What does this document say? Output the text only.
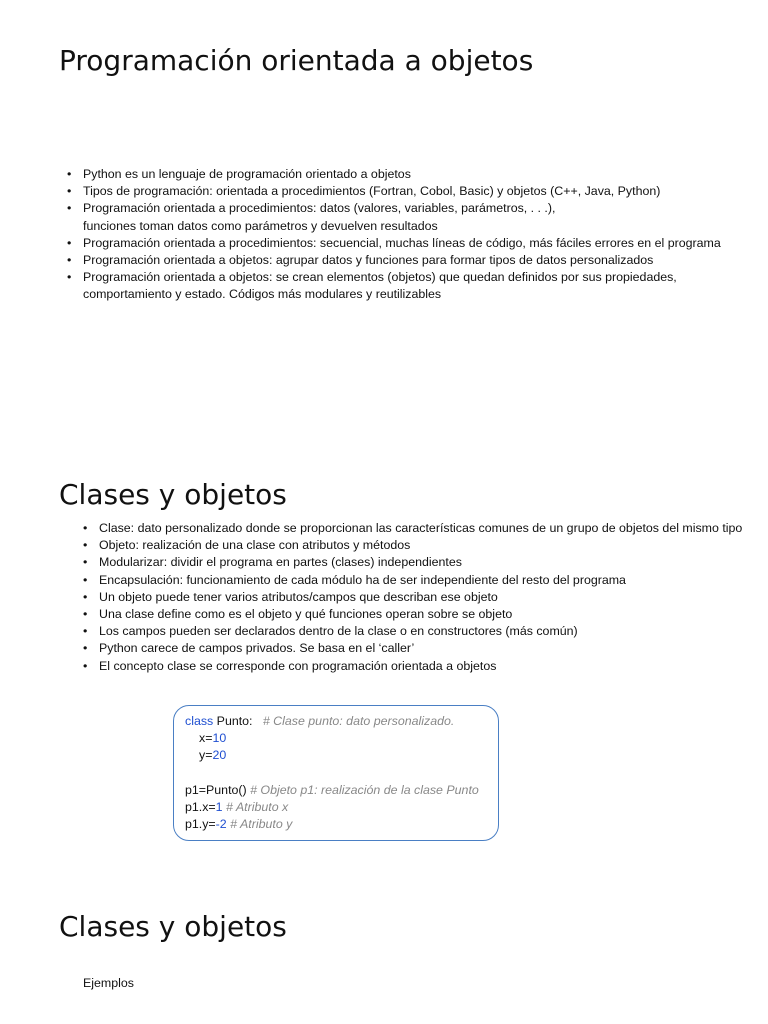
Programación orientada a objetos
• Python es un lenguaje de programación orientado a objetos
• Tipos de programación: orientada a procedimientos (Fortran, Cobol, Basic) y objetos (C++, Java, Python)
• Programación orientada a procedimientos: datos (valores, variables, parámetros, . . .),
funciones toman datos como parámetros y devuelven resultados
• Programación orientada a procedimientos: secuencial, muchas líneas de código, más fáciles errores en el programa
• Programación orientada a objetos: agrupar datos y funciones para formar tipos de datos personalizados
• Programación orientada a objetos: se crean elementos (objetos) que quedan definidos por sus propiedades,
comportamiento y estado. Códigos más modulares y reutilizables
Clases y objetos
• Clase: dato personalizado donde se proporcionan las características comunes de un grupo de objetos del mismo tipo
• Objeto: realización de una clase con atributos y métodos
• Modularizar: dividir el programa en partes (clases) independientes
• Encapsulación: funcionamiento de cada módulo ha de ser independiente del resto del programa
• Un objeto puede tener varios atributos/campos que describan ese objeto
• Una clase define como es el objeto y qué funciones operan sobre se objeto
• Los campos pueden ser declarados dentro de la clase o en constructores (más común)
• Python carece de campos privados. Se basa en el ‘caller’
• El concepto clase se corresponde con programación orientada a objetos
class Punto:   # Clase punto: dato personalizado.
x=10
y=20
p1=Punto() # Objeto p1: realización de la clase Punto
p1.x=1 # Atributo x
p1.y=-2 # Atributo y
Clases y objetos
Ejemplos
